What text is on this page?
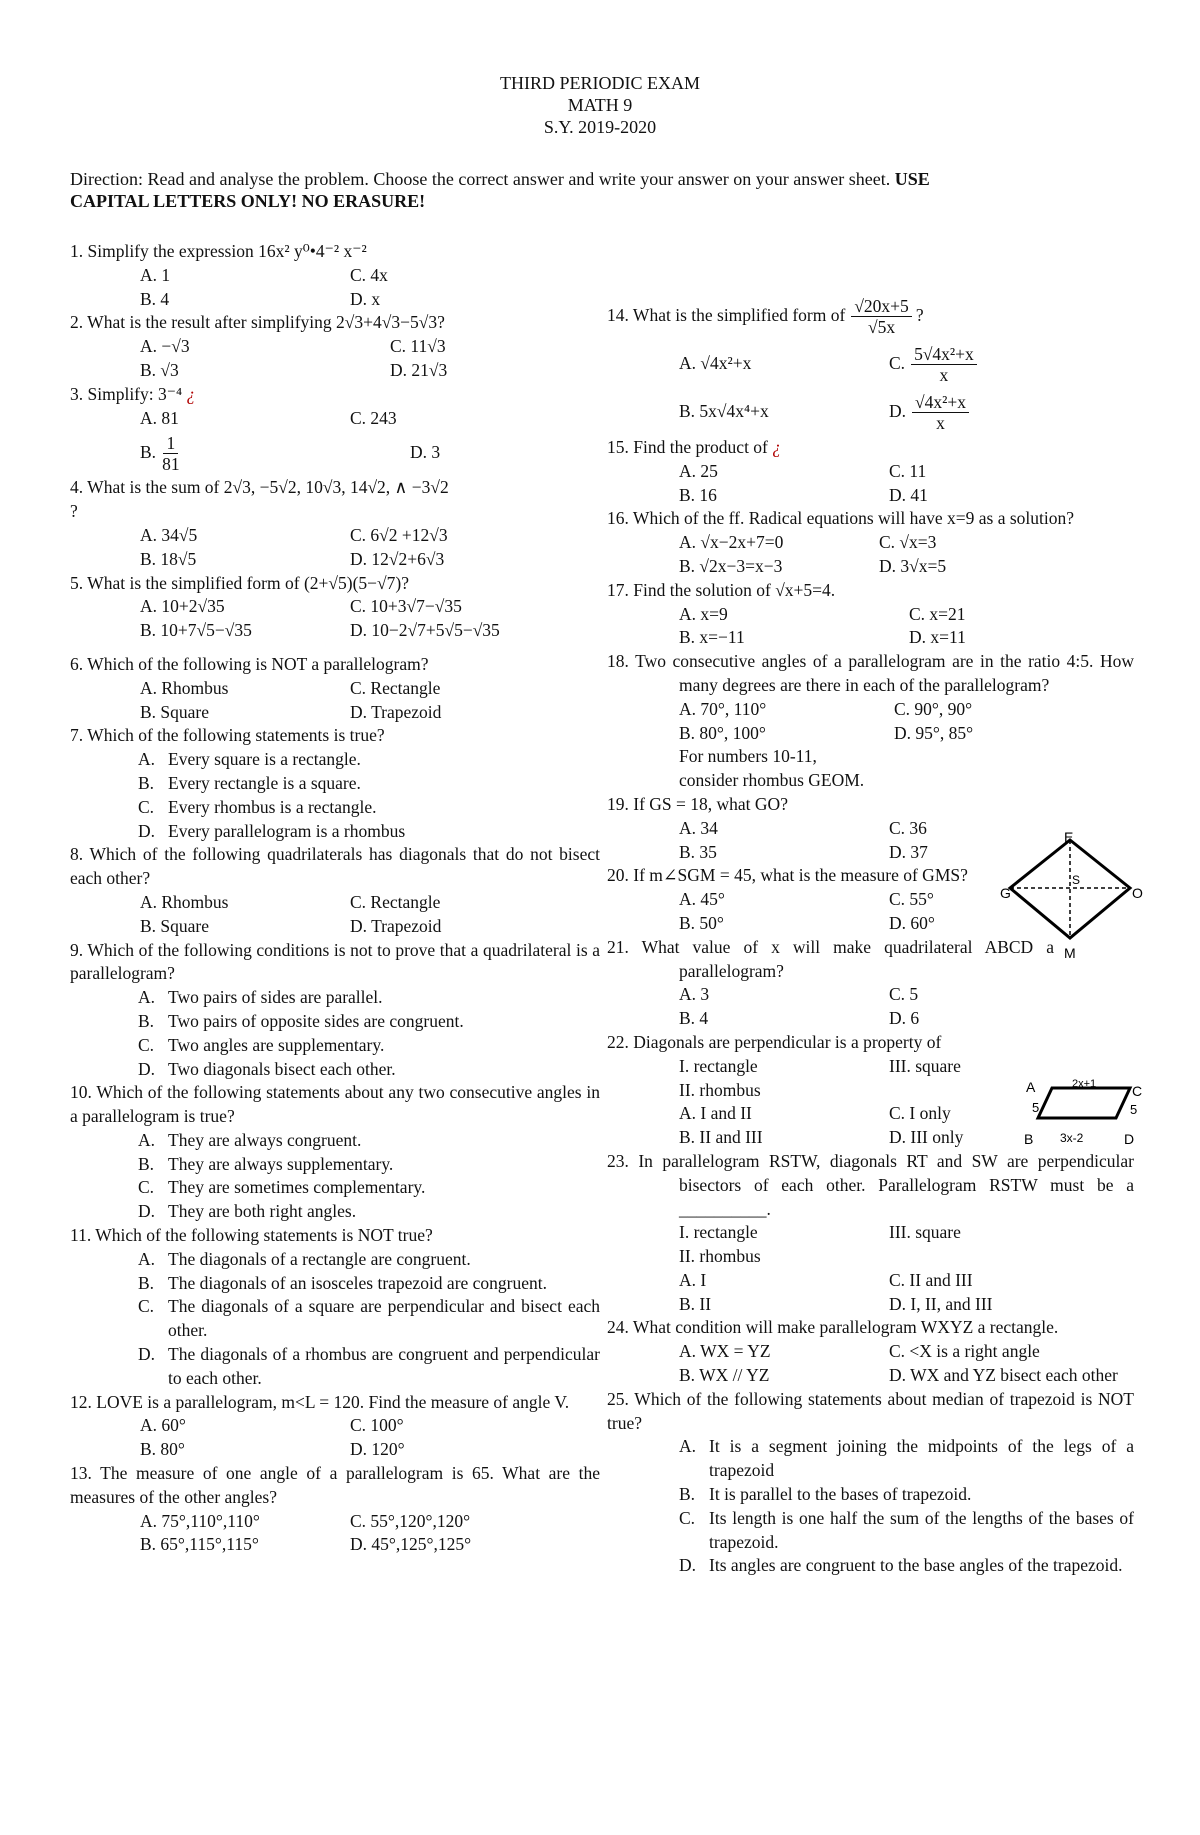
THIRD PERIODIC EXAM
MATH 9
S.Y. 2019-2020
Direction: Read and analyse the problem. Choose the correct answer and write your answer on your answer sheet. USE
CAPITAL LETTERS ONLY! NO ERASURE!

1. Simplify the expression 16x² y⁰•4⁻² x⁻²

A. 1	C. 4x
B. 4	D. x

2. What is the result after simplifying 2√3+4√3−5√3?

A. −√3	C. 11√3
B. √3	D. 21√3

3. Simplify: 3⁻⁴ ¿

A. 81	C. 243
B. $\frac{1}{81}$	D. 3

4. What is the sum of 2√3, −5√2, 10√3, 14√2, ∧ −3√2

?

A. 34√5	C. 6√2 +12√3
B. 18√5	D. 12√2+6√3

5. What is the simplified form of (2+√5)(5−√7)?

A. 10+2√35	C. 10+3√7−√35
B. 10+7√5−√35	D. 10−2√7+5√5−√35

6. Which of the following is NOT a parallelogram?

A. Rhombus	C. Rectangle
B. Square	D. Trapezoid

7. Which of the following statements is true?

A. Every square is a rectangle.
B. Every rectangle is a square.
C. Every rhombus is a rectangle.
D. Every parallelogram is a rhombus

8. Which of the following quadrilaterals has diagonals that do not bisect each other?

A. Rhombus	C. Rectangle
B. Square	D. Trapezoid

9. Which of the following conditions is not to prove that a quadrilateral is a parallelogram?

A. Two pairs of sides are parallel.
B. Two pairs of opposite sides are congruent.
C. Two angles are supplementary.
D. Two diagonals bisect each other.

10. Which of the following statements about any two consecutive angles in a parallelogram is true?

A. They are always congruent.
B. They are always supplementary.
C. They are sometimes complementary.
D. They are both right angles.

11. Which of the following statements is NOT true?

A. The diagonals of a rectangle are congruent.
B. The diagonals of an isosceles trapezoid are congruent.
C. The diagonals of a square are perpendicular and bisect each other.
D. The diagonals of a rhombus are congruent and perpendicular to each other.

12. LOVE is a parallelogram, m<L = 120. Find the measure of angle V.

A. 60°	C. 100°
B. 80°	D. 120°

13. The measure of one angle of a parallelogram is 65. What are the measures of the other angles?

A. 75°,110°,110°	C. 55°,120°,120°
B. 65°,115°,115°	D. 45°,125°,125°

14. What is the simplified form of $\frac{√20x+5}{√5x}$ ?

A. √4x²+x	C. $\frac{\text{5√4x²+x}}{x}$
B. 5x√4x⁴+x	D. $\frac{\text{√4x²+x}}{x}$

15. Find the product of ¿

A. 25	C. 11
B. 16	D. 41

16. Which of the ff. Radical equations will have x=9 as a solution?

A. √x−2x+7=0	C. √x=3
B. √2x−3=x−3	D. 3√x=5

17. Find the solution of √x+5=4.

A. x=9	C. x=21
B. x=−11	D. x=11

18. Two consecutive angles of a parallelogram are in the ratio 4:5. How many degrees are there in each of the parallelogram?

A. 70°, 110°	C. 90°, 90°
B. 80°, 100°	D. 95°, 85°
For numbers 10-11,
consider rhombus GEOM.

19. If GS = 18, what GO?

A. 34	C. 36
B. 35	D. 37

20. If m∠SGM = 45, what is the measure of GMS?

A. 45°	C. 55°
B. 50°	D. 60°

21. What value of x will make quadrilateral ABCD a parallelogram?

A. 3	C. 5
B. 4	D. 6

22. Diagonals are perpendicular is a property of

I. rectangle	III. square
II. rhombus
A. I and II	C. I only
B. II and III	D. III only

23. In parallelogram RSTW, diagonals RT and SW are perpendicular bisectors of each other. Parallelogram RSTW must be a __________.

I. rectangle	III. square
II. rhombus
A. I	C. II and III
B. II	D. I, II, and III

24. What condition will make parallelogram WXYZ a rectangle.

A. WX = YZ	C. <X is a right angle
B. WX // YZ	D. WX and YZ bisect each other

25. Which of the following statements about median of trapezoid is NOT true?

A. It is a segment joining the midpoints of the legs of a trapezoid
B. It is parallel to the bases of trapezoid.
C. Its length is one half the sum of the lengths of the bases of trapezoid.
D. Its angles are congruent to the base angles of the trapezoid.
E
G	O
M
S
A	C
B	D
2x+1
3x-2
5	5
